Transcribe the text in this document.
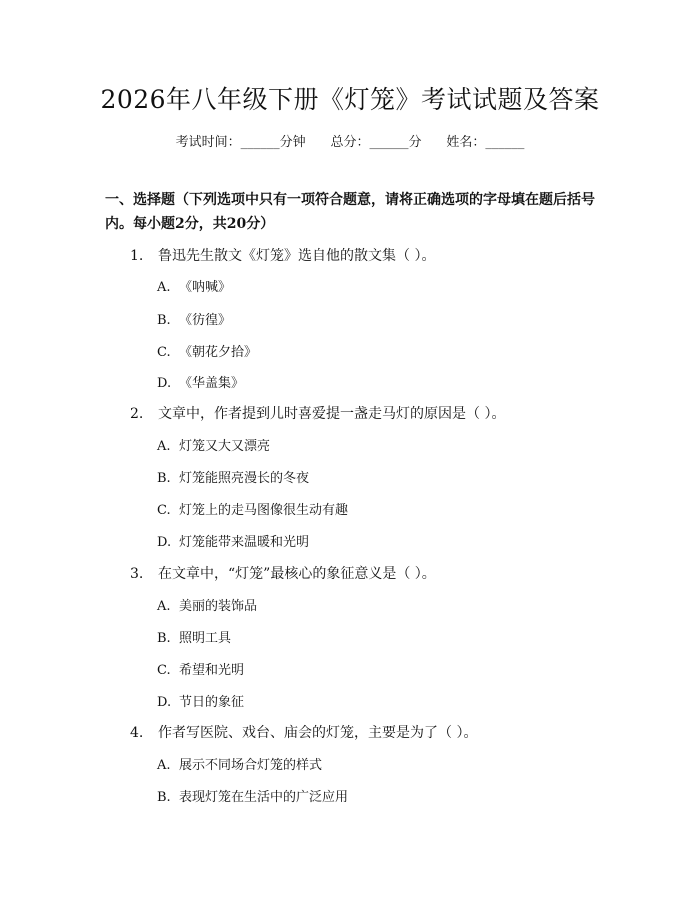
2026年八年级下册《灯笼》考试试题及答案
考试时间：______分钟 总分：______分 姓名：______

一、选择题（下列选项中只有一项符合题意，请将正确选项的字母填在题后括号内。每小题2分，共20分）

1. 鲁迅先生散文《灯笼》选自他的散文集（ ）。
A. 《呐喊》
B. 《彷徨》
C. 《朝花夕拾》
D. 《华盖集》
2. 文章中，作者提到儿时喜爱提一盏走马灯的原因是（ ）。
A. 灯笼又大又漂亮
B. 灯笼能照亮漫长的冬夜
C. 灯笼上的走马图像很生动有趣
D. 灯笼能带来温暖和光明
3. 在文章中，“灯笼”最核心的象征意义是（ ）。
A. 美丽的装饰品
B. 照明工具
C. 希望和光明
D. 节日的象征
4. 作者写医院、戏台、庙会的灯笼，主要是为了（ ）。
A. 展示不同场合灯笼的样式
B. 表现灯笼在生活中的广泛应用
